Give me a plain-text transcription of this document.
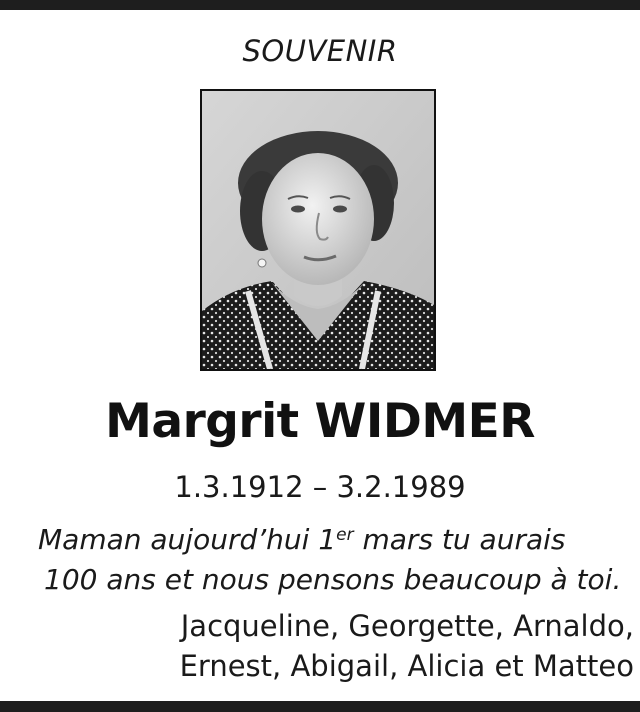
SOUVENIR
Margrit WIDMER
1.3.1912 – 3.2.1989
Maman aujourd’hui 1er mars tu aurais
100 ans et nous pensons beaucoup à toi.
Jacqueline, Georgette, Arnaldo,
Ernest, Abigail, Alicia et Matteo
